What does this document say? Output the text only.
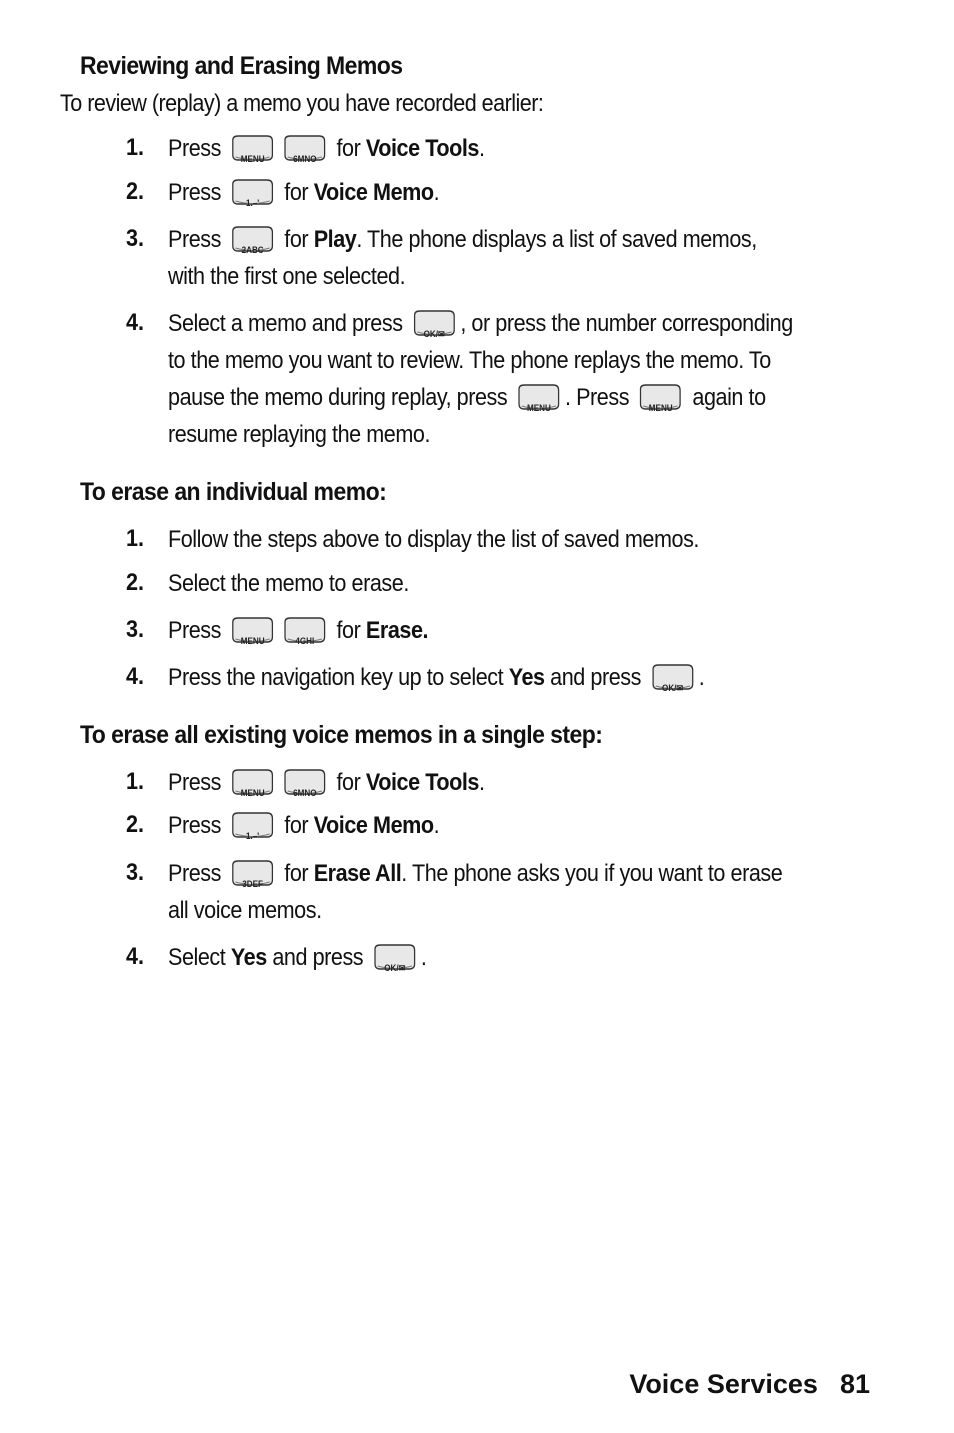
Reviewing and Erasing Memos
To review (replay) a memo you have recorded earlier:
1. Press	MENU	6MNO for Voice Tools.
2. Press	1.–'	for Voice Memo.
3. Press	2ABC for Play. The phone displays a list of saved memos,
with the first one selected.
4. Select a memo and press	OK/✉ , or press the number corresponding
to the memo you want to review. The phone replays the memo. To
pause the memo during replay, press	MENU . Press	MENU again to
resume replaying the memo.
To erase an individual memo:
1. Follow the steps above to display the list of saved memos.
2. Select the memo to erase.
3. Press	MENU	4GHI for Erase.
4. Press the navigation key up to select Yes and press	OK/✉ .
To erase all existing voice memos in a single step:
1. Press	MENU	6MNO for Voice Tools.
2. Press	1.–'	for Voice Memo.
3. Press	3DEF for Erase All. The phone asks you if you want to erase
all voice memos.
4. Select Yes and press	OK/✉ .
Voice Services 81
